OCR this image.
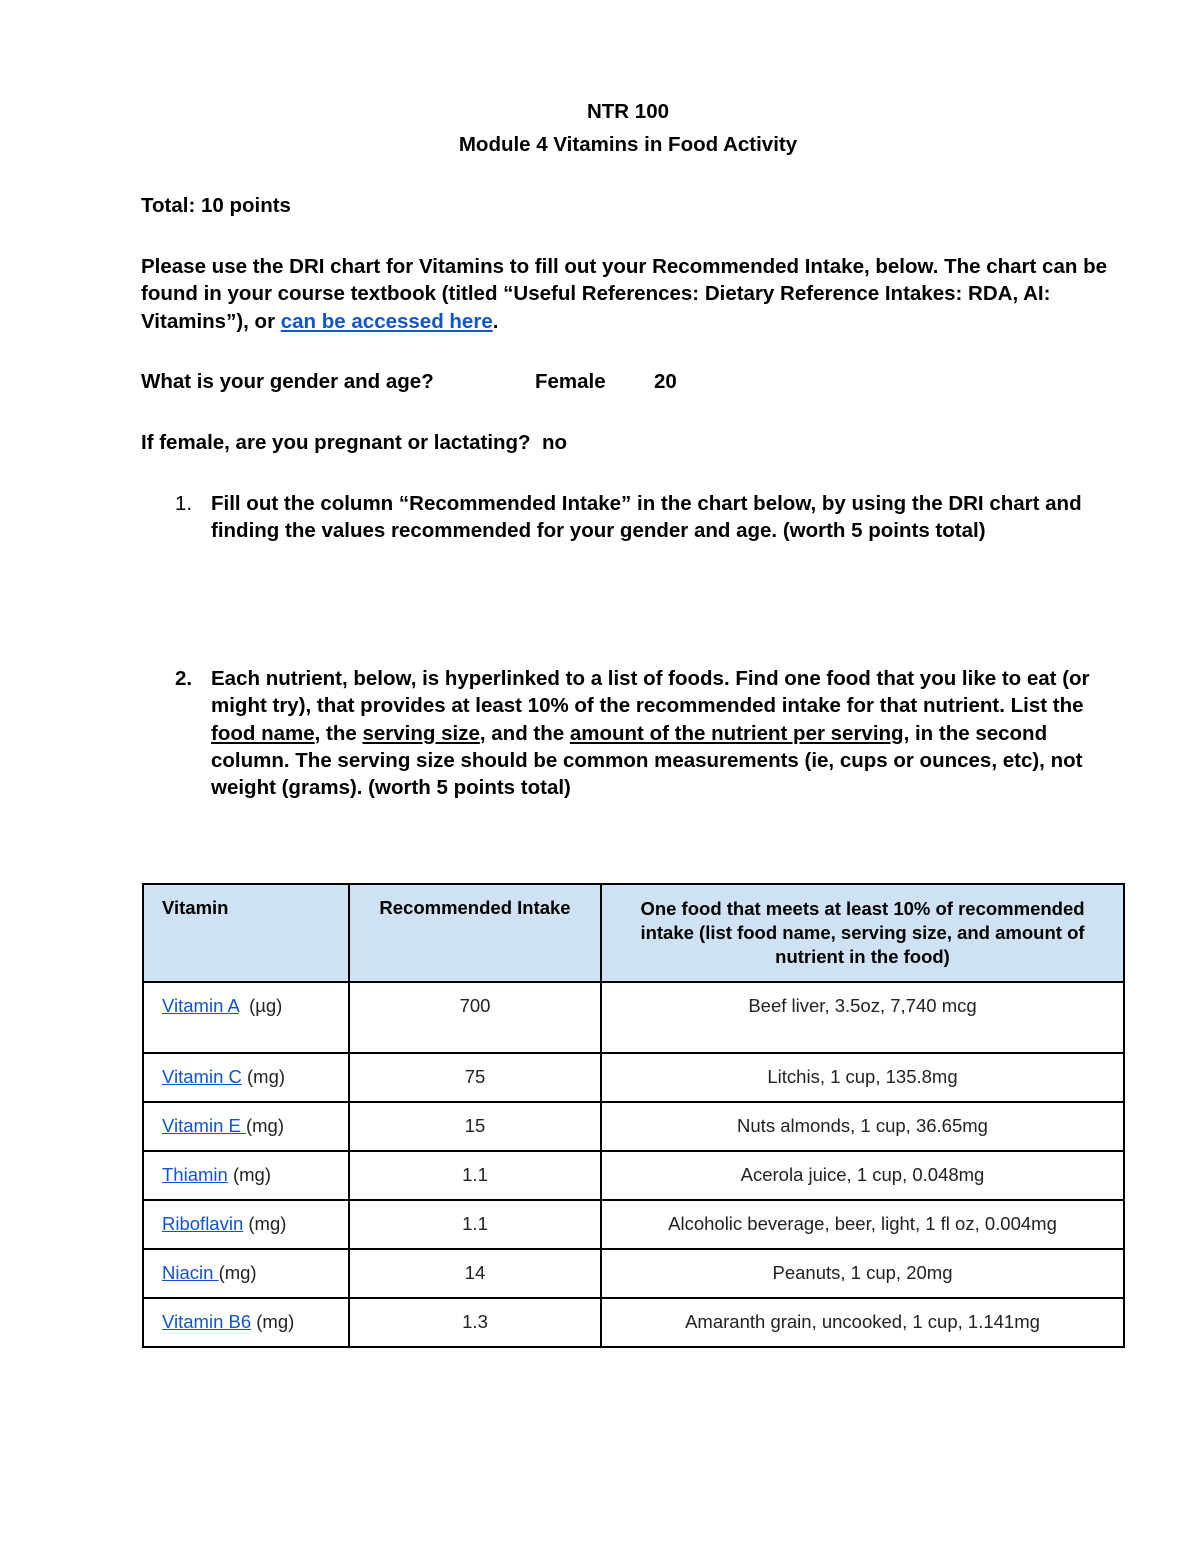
NTR 100
Module 4 Vitamins in Food Activity
Total: 10 points
Please use the DRI chart for Vitamins to fill out your Recommended Intake, below. The chart can be found in your course textbook (titled “Useful References: Dietary Reference Intakes: RDA, AI: Vitamins”), or can be accessed here.
What is your gender and age?	Female 20
If female, are you pregnant or lactating? no
1. Fill out the column “Recommended Intake” in the chart below, by using the DRI chart and finding the values recommended for your gender and age. (worth 5 points total)
2. Each nutrient, below, is hyperlinked to a list of foods. Find one food that you like to eat (or might try), that provides at least 10% of the recommended intake for that nutrient. List the food name, the serving size, and the amount of the nutrient per serving, in the second column. The serving size should be common measurements (ie, cups or ounces, etc), not weight (grams). (worth 5 points total)
Vitamin	Recommended Intake	One food that meets at least 10% of recommended intake (list food name, serving size, and amount of nutrient in the food)
Vitamin A  (µg)	700	Beef liver, 3.5oz, 7,740 mcg
Vitamin C (mg)	75	Litchis, 1 cup, 135.8mg
Vitamin E (mg)	15	Nuts almonds, 1 cup, 36.65mg
Thiamin (mg)	1.1	Acerola juice, 1 cup, 0.048mg
Riboflavin (mg)	1.1	Alcoholic beverage, beer, light, 1 fl oz, 0.004mg
Niacin (mg)	14	Peanuts, 1 cup, 20mg
Vitamin B6 (mg)	1.3	Amaranth grain, uncooked, 1 cup, 1.141mg
